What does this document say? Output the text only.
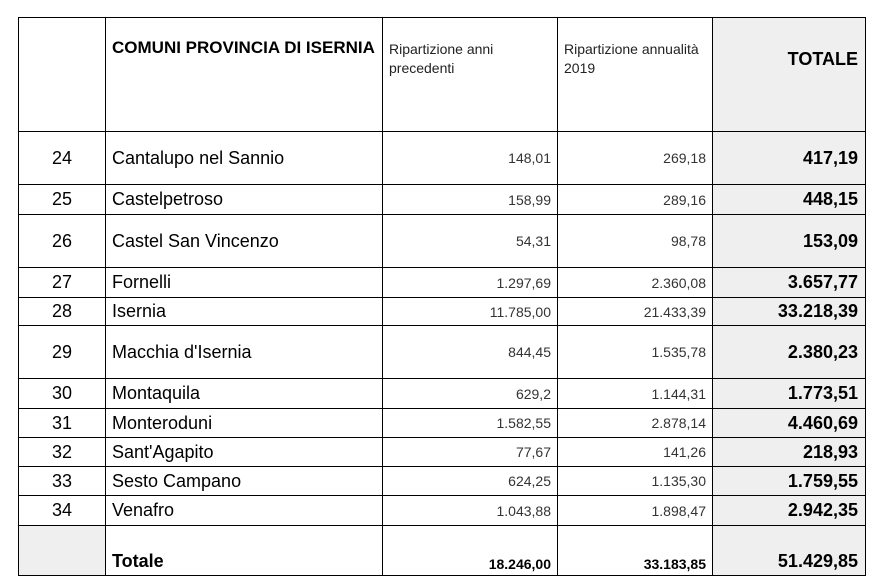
	COMUNI PROVINCIA DI ISERNIA	Ripartizione anni precedenti	Ripartizione annualità 2019	TOTALE
24	Cantalupo nel Sannio	148,01	269,18	417,19
25	Castelpetroso	158,99	289,16	448,15
26	Castel San Vincenzo	54,31	98,78	153,09
27	Fornelli	1.297,69	2.360,08	3.657,77
28	Isernia	11.785,00	21.433,39	33.218,39
29	Macchia d'Isernia	844,45	1.535,78	2.380,23
30	Montaquila	629,2	1.144,31	1.773,51
31	Monteroduni	1.582,55	2.878,14	4.460,69
32	Sant'Agapito	77,67	141,26	218,93
33	Sesto Campano	624,25	1.135,30	1.759,55
34	Venafro	1.043,88	1.898,47	2.942,35
	Totale	18.246,00	33.183,85	51.429,85
